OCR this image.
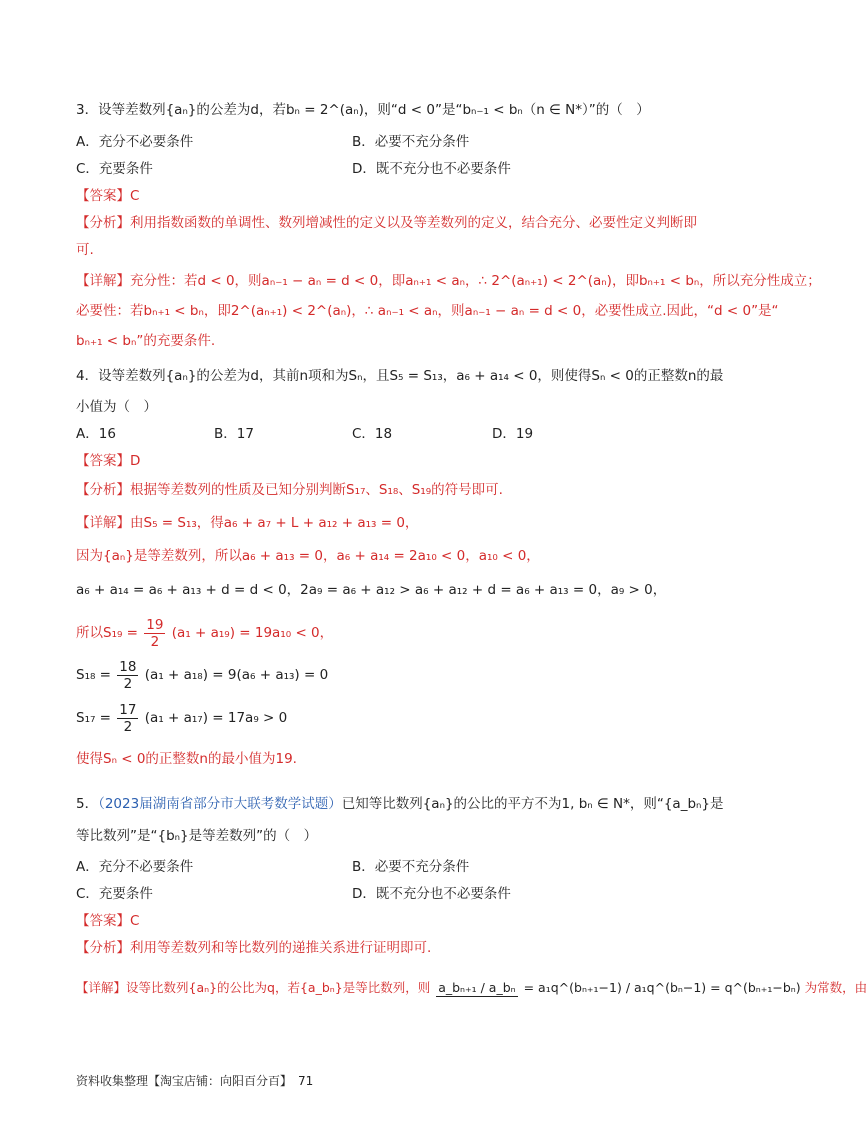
3．设等差数列{aₙ}的公差为d，若bₙ = 2^(aₙ)，则“d < 0”是“bₙ₋₁ < bₙ（n ∈ N*）”的（　）
A．充分不必要条件	B．必要不充分条件
C．充要条件	D．既不充分也不必要条件
【答案】C
【分析】利用指数函数的单调性、数列增减性的定义以及等差数列的定义，结合充分、必要性定义判断即
可.
【详解】充分性：若d < 0，则aₙ₋₁ − aₙ = d < 0，即aₙ₊₁ < aₙ，∴ 2^(aₙ₊₁) < 2^(aₙ)，即bₙ₊₁ < bₙ，所以充分性成立；
必要性：若bₙ₊₁ < bₙ，即2^(aₙ₊₁) < 2^(aₙ)，∴ aₙ₋₁ < aₙ，则aₙ₋₁ − aₙ = d < 0，必要性成立.因此，“d < 0”是“
bₙ₊₁ < bₙ”的充要条件.
4．设等差数列{aₙ}的公差为d，其前n项和为Sₙ，且S₅ = S₁₃，a₆ + a₁₄ < 0，则使得Sₙ < 0的正整数n的最
小值为（　）
A．16	B．17	C．18	D．19
【答案】D
【分析】根据等差数列的性质及已知分别判断S₁₇、S₁₈、S₁₉的符号即可.
【详解】由S₅ = S₁₃，得a₆ + a₇ + L + a₁₂ + a₁₃ = 0，
因为{aₙ}是等差数列，所以a₆ + a₁₃ = 0，a₆ + a₁₄ = 2a₁₀ < 0，a₁₀ < 0，
a₆ + a₁₄ = a₆ + a₁₃ + d = d < 0，2a₉ = a₆ + a₁₂ > a₆ + a₁₂ + d = a₆ + a₁₃ = 0，a₉ > 0，
所以$S_{19} = \frac{19}{2} (a_1 + a_{19}) = 19a_{10} < 0$，
$S_{18} = \frac{18}{2} (a_1 + a_{18}) = 9(a_6 + a_{13}) = 0$
$S_{17} = \frac{17}{2} (a_1 + a_{17}) = 17a_9 > 0$
使得Sₙ < 0的正整数n的最小值为19.
5．（2023届湖南省部分市大联考数学试题）已知等比数列{aₙ}的公比的平方不为1, bₙ ∈ N*，则“{a_bₙ}是
等比数列”是“{bₙ}是等差数列”的（　）
A．充分不必要条件	B．必要不充分条件
C．充要条件	D．既不充分也不必要条件
【答案】C
【分析】利用等差数列和等比数列的递推关系进行证明即可.
【详解】设等比数列{aₙ}的公比为q，若{a_bₙ}是等比数列，则 a_bₙ₊₁ / a_bₙ = a₁q^(bₙ₊₁−1) / a₁q^(bₙ−1) = q^(bₙ₊₁−bₙ) 为常数，由
资料收集整理【淘宝店铺：向阳百分百】　71
